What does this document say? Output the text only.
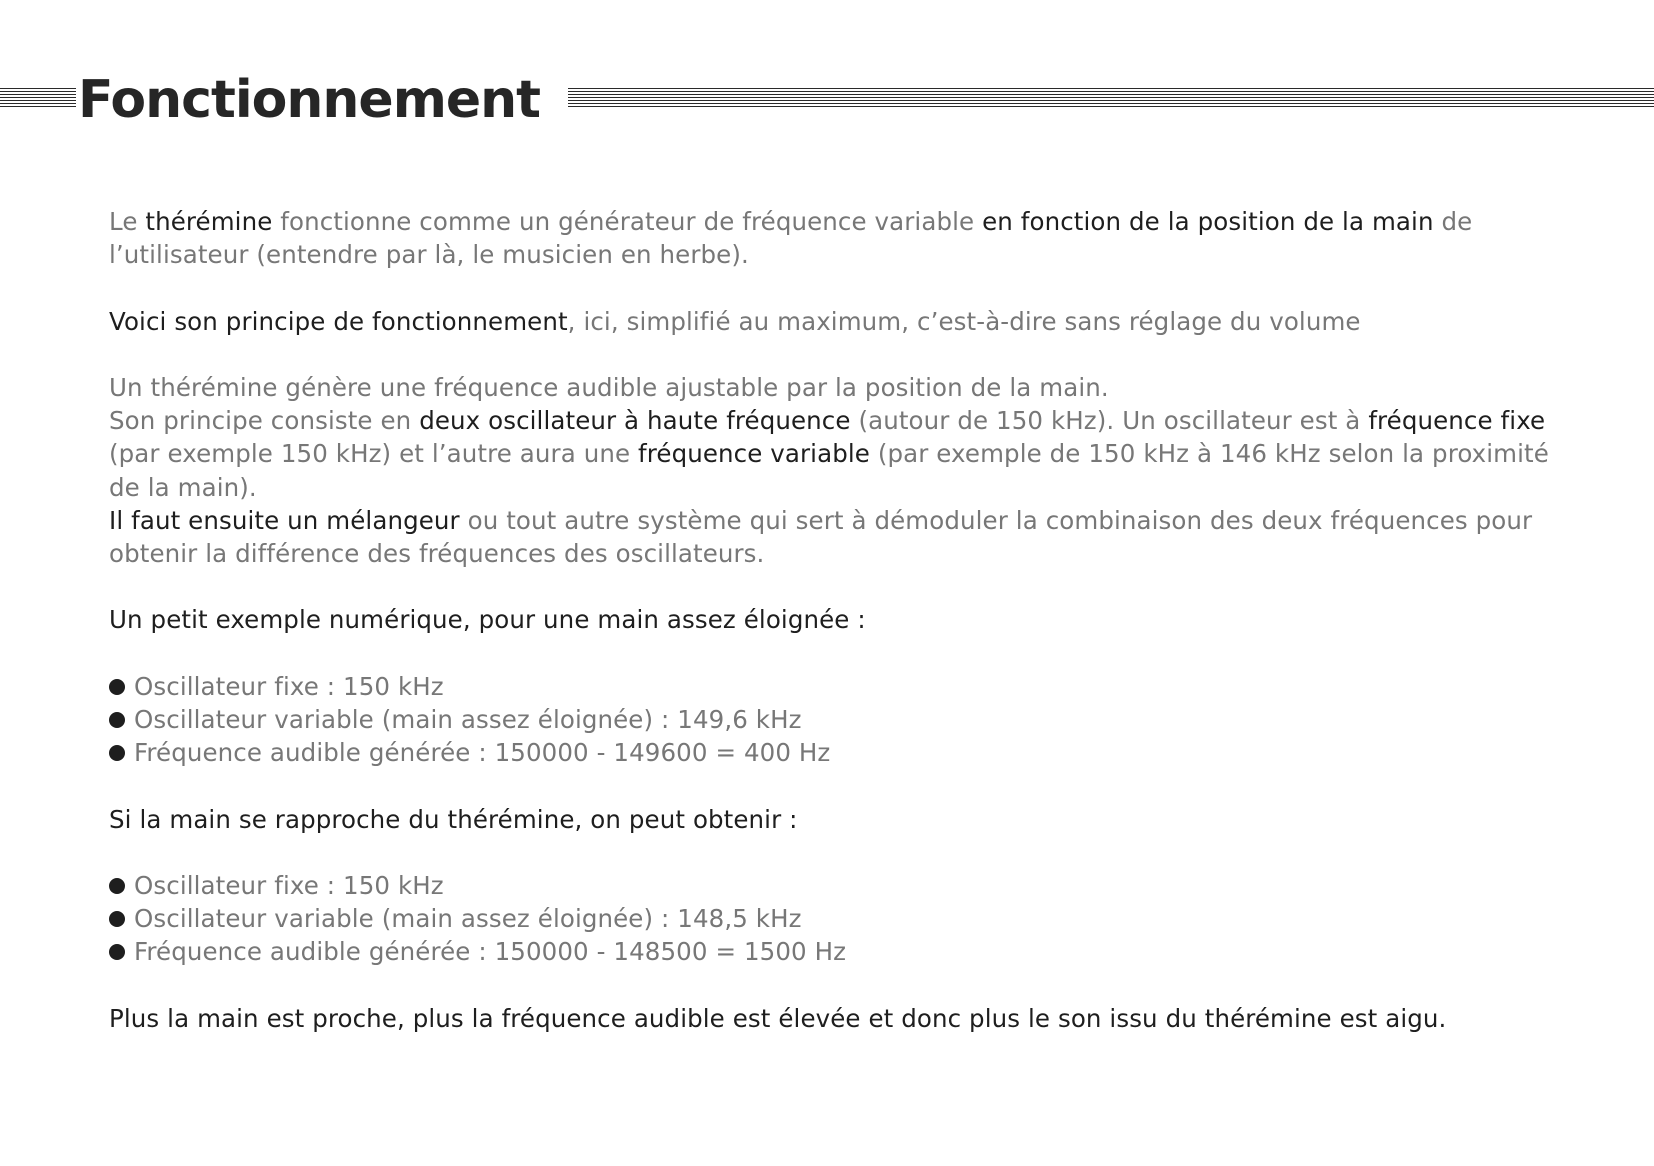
Fonctionnement

Le thérémine fonctionne comme un générateur de fréquence variable en fonction de la position de la main de l’utilisateur (entendre par là, le musicien en herbe).

Voici son principe de fonctionnement, ici, simplifié au maximum, c’est-à-dire sans réglage du volume

Un thérémine génère une fréquence audible ajustable par la position de la main.

Son principe consiste en deux oscillateur à haute fréquence (autour de 150 kHz). Un oscillateur est à fréquence fixe (par exemple 150 kHz) et l’autre aura une fréquence variable (par exemple de 150 kHz à 146 kHz selon la proximité de la main).

Il faut ensuite un mélangeur ou tout autre système qui sert à démoduler la combinaison des deux fréquences pour obtenir la différence des fréquences des oscillateurs.

Un petit exemple numérique, pour une main assez éloignée :

Oscillateur fixe : 150 kHz
Oscillateur variable (main assez éloignée) : 149,6 kHz
Fréquence audible générée : 150000 - 149600 = 400 Hz

Si la main se rapproche du thérémine, on peut obtenir :

Oscillateur fixe : 150 kHz
Oscillateur variable (main assez éloignée) : 148,5 kHz
Fréquence audible générée : 150000 - 148500 = 1500 Hz

Plus la main est proche, plus la fréquence audible est élevée et donc plus le son issu du thérémine est aigu.
